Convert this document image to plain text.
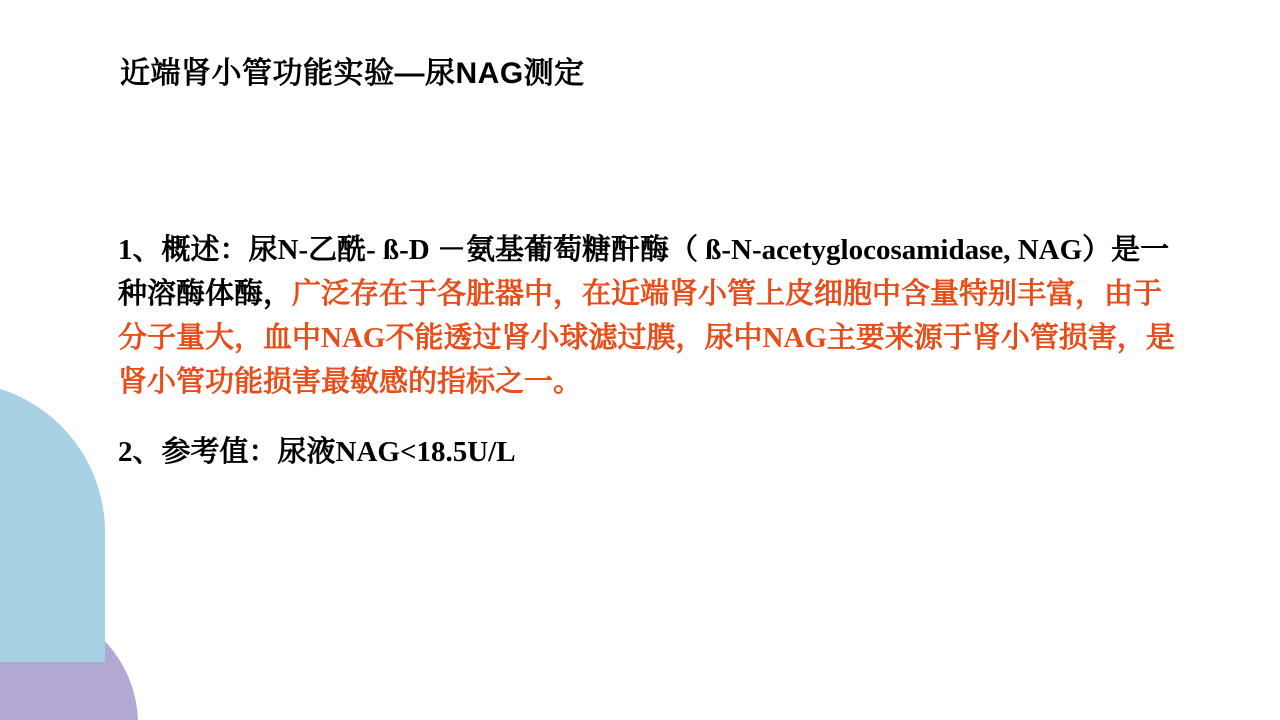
近端肾小管功能实验—尿NAG测定

1、概述：尿N-乙酰- ß-D －氨基葡萄糖酐酶（ ß-N-acetyglocosamidase, NAG）是一种溶酶体酶，广泛存在于各脏器中，在近端肾小管上皮细胞中含量特别丰富，由于分子量大，血中NAG不能透过肾小球滤过膜，尿中NAG主要来源于肾小管损害，是肾小管功能损害最敏感的指标之一。

2、参考值：尿液NAG<18.5U/L
